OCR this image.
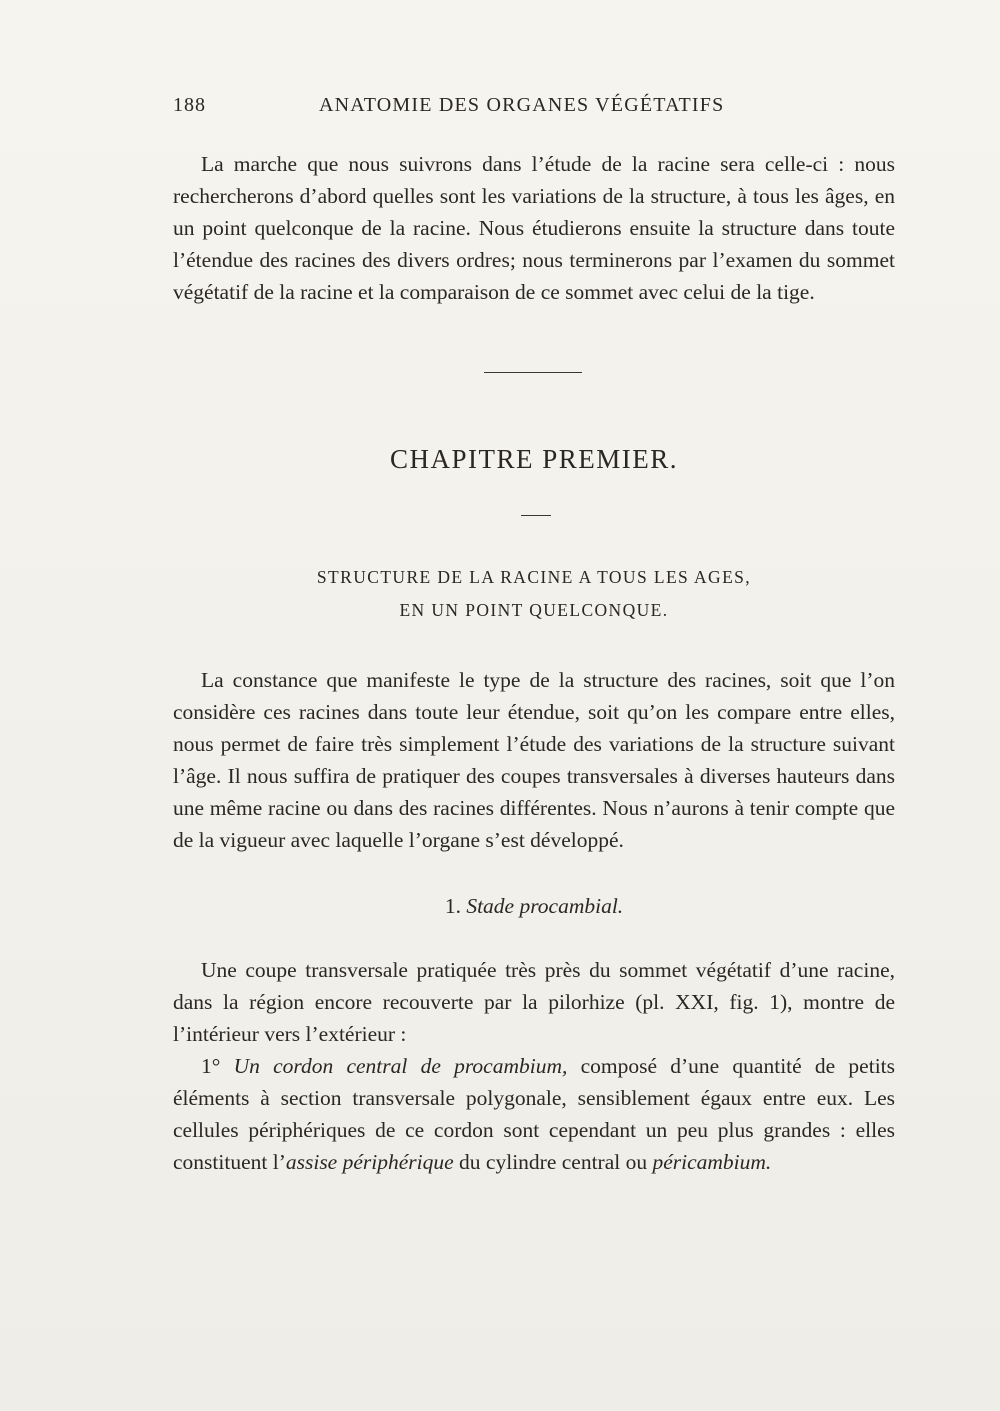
188	ANATOMIE DES ORGANES VÉGÉTATIFS

La marche que nous suivrons dans l’étude de la racine sera celle-ci : nous rechercherons d’abord quelles sont les variations de la structure, à tous les âges, en un point quelconque de la racine. Nous étudierons ensuite la structure dans toute l’étendue des racines des divers ordres; nous terminerons par l’examen du sommet végétatif de la racine et la comparaison de ce sommet avec celui de la tige.

CHAPITRE PREMIER.
STRUCTURE DE LA RACINE A TOUS LES AGES,
EN UN POINT QUELCONQUE.

La constance que manifeste le type de la structure des racines, soit que l’on considère ces racines dans toute leur étendue, soit qu’on les compare entre elles, nous permet de faire très simplement l’étude des variations de la structure suivant l’âge. Il nous suffira de pratiquer des coupes transversales à diverses hauteurs dans une même racine ou dans des racines différentes. Nous n’aurons à tenir compte que de la vigueur avec laquelle l’organe s’est développé.

1. Stade procambial.

Une coupe transversale pratiquée très près du sommet végétatif d’une racine, dans la région encore recouverte par la pilorhize (pl. XXI, fig. 1), montre de l’intérieur vers l’extérieur :

1° Un cordon central de procambium, composé d’une quantité de petits éléments à section transversale polygonale, sensiblement égaux entre eux. Les cellules périphériques de ce cordon sont cependant un peu plus grandes : elles constituent l’assise périphérique du cylindre central ou péricambium.
